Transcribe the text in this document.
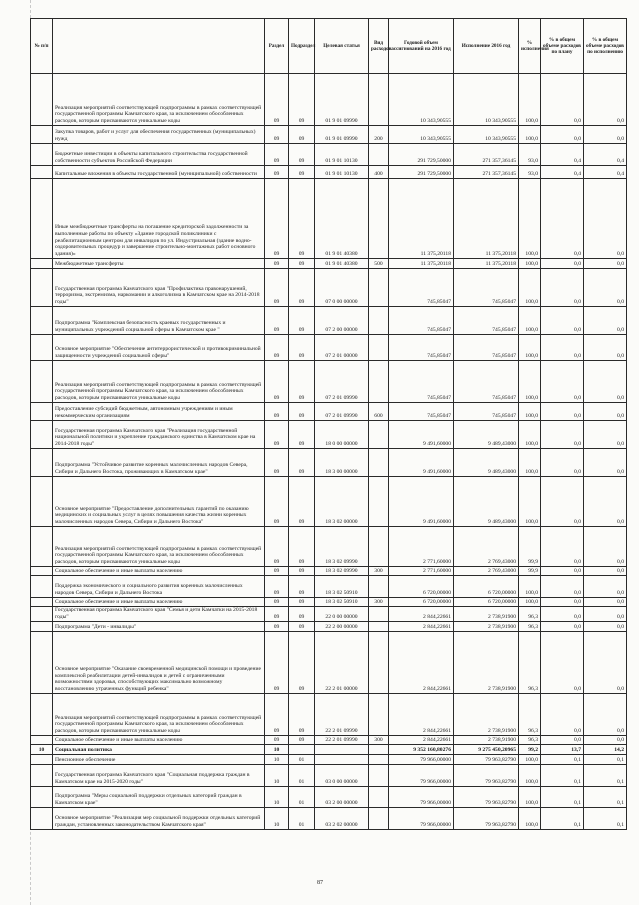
№ п/п		Раздел	Подраздел	Целевая статья	Вид расходов	Годовой объем ассигнований на 2016 год	Исполнение 2016 год	% исполнения	% в общем объеме расходов по плану	% в общем объеме расходов по исполнению
	Реализация мероприятий соответствующей подпрограммы в рамках соответствующей государственной программы Камчатского края, за исключением обособленных расходов, которым присваиваются уникальные коды	09	09	01 9 01 09990		10 343,90555	10 343,90555	100,0	0,0	0,0
	Закупка товаров, работ и услуг для обеспечения государственных (муниципальных) нужд	09	09	01 9 01 09990	200	10 343,90555	10 343,90555	100,0	0,0	0,0
	Бюджетные инвестиции в объекты капитального строительства государственной собственности субъектов Российской Федерации	09	09	01 9 01 10130		291 729,50000	271 357,36145	93,0	0,4	0,4
	Капитальные вложения в объекты государственной (муниципальной) собственности	09	09	01 9 01 10130	400	291 729,50000	271 357,36145	93,0	0,4	0,4
	Иные межбюджетные трансферты на погашение кредиторской задолженности за выполненные работы по объекту «Здание городской поликлиники с реабилитационным центром для инвалидов по ул. Индустриальная (здание водно-оздоровительных процедур и завершение строительно-монтажных работ основного здания)»	09	09	01 9 01 40380		11 375,20118	11 375,20118	100,0	0,0	0,0
	Межбюджетные трансферты	09	09	01 9 01 40380	500	11 375,20118	11 375,20118	100,0	0,0	0,0
	Государственная программа Камчатского края "Профилактика правонарушений, терроризма, экстремизма, наркомании и алкоголизма в Камчатском крае на 2014-2018 годы"	09	09	07 0 00 00000		745,85047	745,85047	100,0	0,0	0,0
	Подпрограмма "Комплексная безопасность краевых государственных и муниципальных учреждений социальной сферы в Камчатском крае "	09	09	07 2 00 00000		745,85047	745,85047	100,0	0,0	0,0
	Основное мероприятие "Обеспечение антитеррористической и противокриминальной защищенности учреждений социальной сферы"	09	09	07 2 01 00000		745,85047	745,85047	100,0	0,0	0,0
	Реализация мероприятий соответствующей подпрограммы в рамках соответствующей государственной программы Камчатского края, за исключением обособленных расходов, которым присваиваются уникальные коды	09	09	07 2 01 09990		745,85047	745,85047	100,0	0,0	0,0
	Предоставление субсидий бюджетным, автономным учреждениям и иным некоммерческим организациям	09	09	07 2 01 09990	600	745,85047	745,85047	100,0	0,0	0,0
	Государственная программа Камчатского края "Реализация государственной национальной политики и укрепление гражданского единства в Камчатском крае на 2014-2018 годы"	09	09	18 0 00 00000		9 491,60000	9 489,43000	100,0	0,0	0,0
	Подпрограмма "Устойчивое развитие коренных малочисленных народов Севера, Сибири и Дальнего Востока, проживающих в Камчатском крае"	09	09	18 3 00 00000		9 491,60000	9 489,43000	100,0	0,0	0,0
	Основное мероприятие "Предоставление дополнительных гарантий по оказанию медицинских и социальных услуг в целях повышения качества жизни коренных малочисленных народов Севера, Сибири и Дальнего Востока"	09	09	18 3 02 00000		9 491,60000	9 489,43000	100,0	0,0	0,0
	Реализация мероприятий соответствующей подпрограммы в рамках соответствующей государственной программы Камчатского края, за исключением обособленных расходов, которым присваиваются уникальные коды	09	09	18 3 02 09990		2 771,60000	2 769,43000	99,9	0,0	0,0
	Социальное обеспечение и иные выплаты населению	09	09	18 3 02 09990	300	2 771,60000	2 769,43000	99,9	0,0	0,0
	Поддержка экономического и социального развития коренных малочисленных народов Севера, Сибири и Дальнего Востока	09	09	18 3 02 50910		6 720,00000	6 720,00000	100,0	0,0	0,0
	Социальное обеспечение и иные выплаты населению	09	09	18 3 02 50910	300	6 720,00000	6 720,00000	100,0	0,0	0,0
	Государственная программа Камчатского края "Семья и дети Камчатки на 2015-2018 годы"	09	09	22 0 00 00000		2 844,22661	2 738,91900	96,3	0,0	0,0
	Подпрограмма "Дети - инвалиды"	09	09	22 2 00 00000		2 844,22661	2 738,91900	96,3	0,0	0,0
	Основное мероприятие "Оказание своевременной медицинской помощи и проведение комплексной реабилитации детей-инвалидов и детей с ограниченными возможностями здоровья, способствующих максимально возможному восстановлению утраченных функций ребенка"	09	09	22 2 01 00000		2 844,22661	2 738,91900	96,3	0,0	0,0
	Реализация мероприятий соответствующей подпрограммы в рамках соответствующей государственной программы Камчатского края, за исключением обособленных расходов, которым присваиваются уникальные коды	09	09	22 2 01 09990		2 844,22661	2 738,91900	96,3	0,0	0,0
	Социальное обеспечение и иные выплаты населению	09	09	22 2 01 09990	300	2 844,22661	2 738,91900	96,3	0,0	0,0
10	Социальная политика	10				9 352 160,80276	9 275 450,20965	99,2	13,7	14,2
	Пенсионное обеспечение	10	01			79 966,00000	79 963,82790	100,0	0,1	0,1
	Государственная программа Камчатского края "Социальная поддержка граждан в Камчатском крае на 2015-2020 годы"	10	01	03 0 00 00000		79 966,00000	79 963,82790	100,0	0,1	0,1
	Подпрограмма "Меры социальной поддержки отдельных категорий граждан в Камчатском крае"	10	01	03 2 00 00000		79 966,00000	79 963,82790	100,0	0,1	0,1
	Основное мероприятие "Реализация мер социальной поддержки отдельных категорий граждан, установленных законодательством Камчатского края"	10	01	03 2 02 00000		79 966,00000	79 963,82790	100,0	0,1	0,1
87
